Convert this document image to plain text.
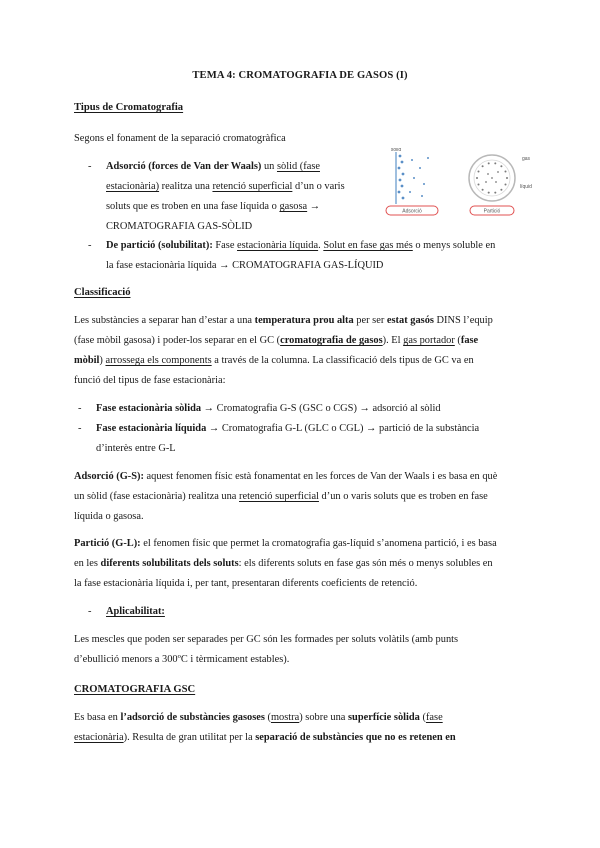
TEMA 4: CROMATOGRAFIA DE GASOS (I)
Tipus de Cromatografia
Segons el fonament de la separació cromatogràfica
- Adsorció (forces de Van der Waals) un sòlid (fase
estacionària) realitza una retenció superficial d’un o varis
soluts que es troben en una fase líquida o gasosa →
CROMATOGRAFIA GAS-SÒLID
Adsorció
sòlid
Partició
gas
líquid
- De partició (solubilitat): Fase estacionària líquida. Solut en fase gas més o menys soluble en
la fase estacionària líquida → CROMATOGRAFIA GAS-LÍQUID
Classificació
Les substàncies a separar han d’estar a una temperatura prou alta per ser estat gasós DINS l’equip
(fase mòbil gasosa) i poder-los separar en el GC (cromatografia de gasos). El gas portador (fase
mòbil) arrossega els components a través de la columna. La classificació dels tipus de GC va en
funció del tipus de fase estacionària:
- Fase estacionària sòlida → Cromatografia G-S (GSC o CGS) → adsorció al sòlid
- Fase estacionària líquida → Cromatografia G-L (GLC o CGL) → partició de la substància
d’interès entre G-L
Adsorció (G-S): aquest fenomen físic està fonamentat en les forces de Van der Waals i es basa en què
un sòlid (fase estacionària) realitza una retenció superficial d’un o varis soluts que es troben en fase
líquida o gasosa.
Partició (G-L): el fenomen físic que permet la cromatografia gas-líquid s’anomena partició, i es basa
en les diferents solubilitats dels soluts: els diferents soluts en fase gas són més o menys solubles en
la fase estacionària líquida i, per tant, presentaran diferents coeficients de retenció.
- Aplicabilitat:
Les mescles que poden ser separades per GC són les formades per soluts volàtils (amb punts
d’ebullició menors a 300ºC i tèrmicament estables).
CROMATOGRAFIA GSC
Es basa en l’adsorció de substàncies gasoses (mostra) sobre una superfície sòlida (fase
estacionària). Resulta de gran utilitat per la separació de substàncies que no es retenen en
